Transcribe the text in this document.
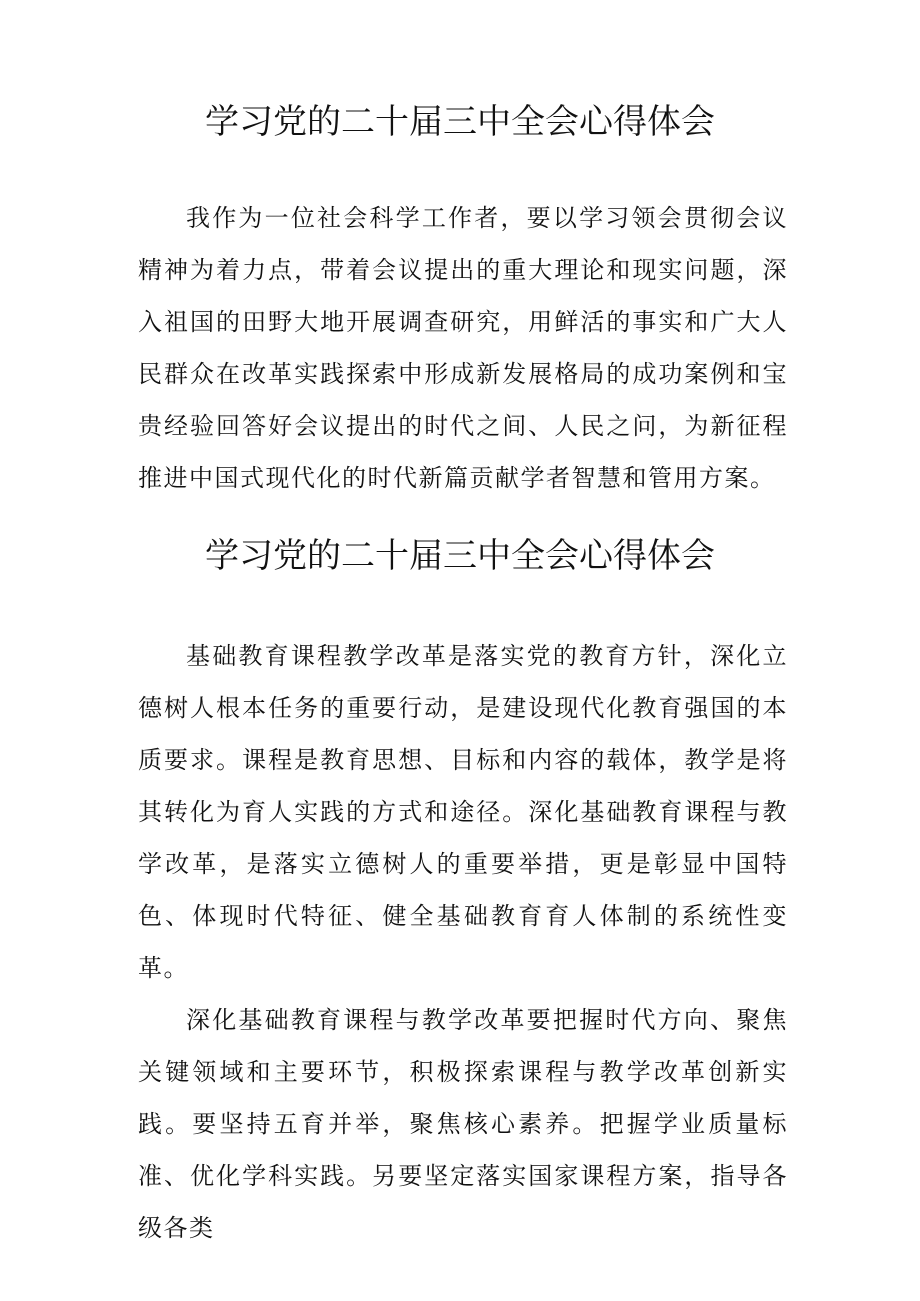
学习党的二十届三中全会心得体会

我作为一位社会科学工作者，要以学习领会贯彻会议精神为着力点，带着会议提出的重大理论和现实问题，深入祖国的田野大地开展调查研究，用鲜活的事实和广大人民群众在改革实践探索中形成新发展格局的成功案例和宝贵经验回答好会议提出的时代之间、人民之问，为新征程推进中国式现代化的时代新篇贡献学者智慧和管用方案。

学习党的二十届三中全会心得体会

基础教育课程教学改革是落实党的教育方针，深化立德树人根本任务的重要行动，是建设现代化教育强国的本质要求。课程是教育思想、目标和内容的载体，教学是将其转化为育人实践的方式和途径。深化基础教育课程与教学改革，是落实立德树人的重要举措，更是彰显中国特色、体现时代特征、健全基础教育育人体制的系统性变革。

深化基础教育课程与教学改革要把握时代方向、聚焦关键领域和主要环节，积极探索课程与教学改革创新实践。要坚持五育并举，聚焦核心素养。把握学业质量标准、优化学科实践。另要坚定落实国家课程方案，指导各级各类
